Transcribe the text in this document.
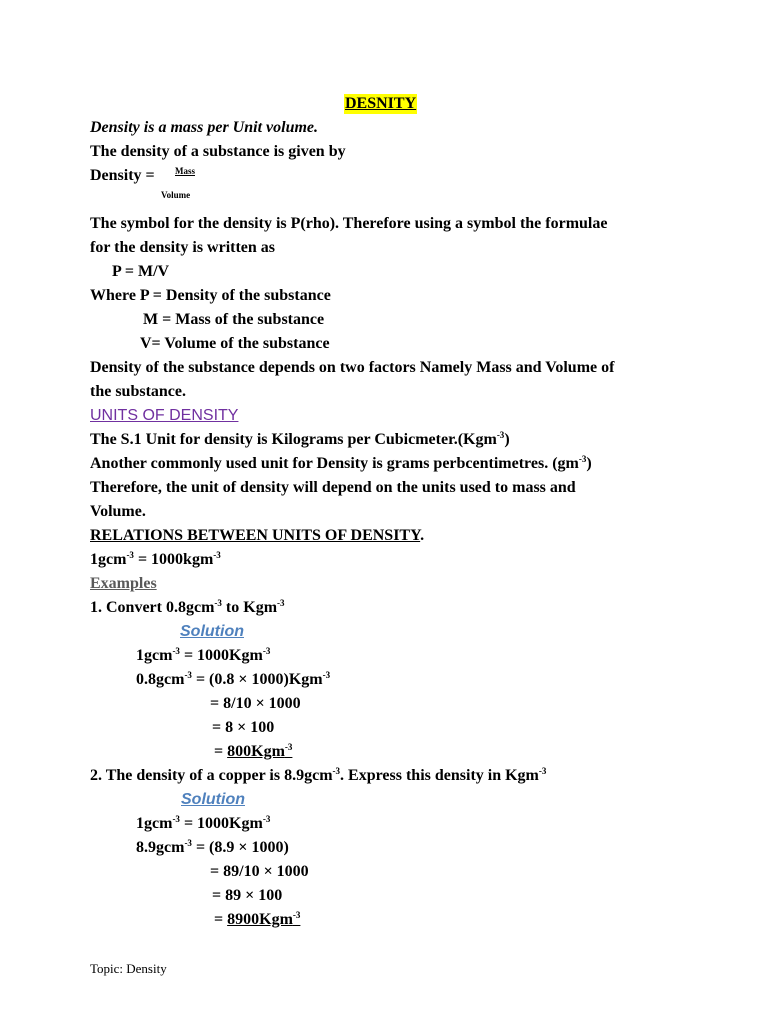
DESNITY
Density is a mass per Unit volume.
The density of a substance is given by
Density = Mass
Volume
The symbol for the density is P(rho). Therefore using a symbol the formulae
for the density is written as
P = M/V
Where P = Density of the substance
M = Mass of the substance
V= Volume of the substance
Density of the substance depends on two factors Namely Mass and Volume of
the substance.
UNITS OF DENSITY
The S.1 Unit for density is Kilograms per Cubicmeter.(Kgm$^{-3}$)
Another commonly used unit for Density is grams perbcentimetres. $(gm^{-3})$
Therefore, the unit of density will depend on the units used to mass and
Volume.
RELATIONS BETWEEN UNITS OF DENSITY.
1gcm$^{-3}$ = 1000kgm$^{-3}$
Examples
1. Convert 0.8gcm$^{-3}$ to Kgm$^{-3}$
Solution
1gcm$^{-3}$ = 1000Kgm$^{-3}$
0.8gcm$^{-3}$ = (0.8 × 1000)Kgm$^{-3}$
= 8/10 × 1000
= 8 × 100
= 800Kgm$^{-3}$
2. The density of a copper is 8.9gcm$^{-3}$. Express this density in Kgm$^{-3}$
Solution
1gcm$^{-3}$ = 1000Kgm$^{-3}$
8.9gcm$^{-3}$ = (8.9 × 1000)
= 89/10 × 1000
= 89 × 100
= 8900Kgm$^{-3}$
Topic: Density
